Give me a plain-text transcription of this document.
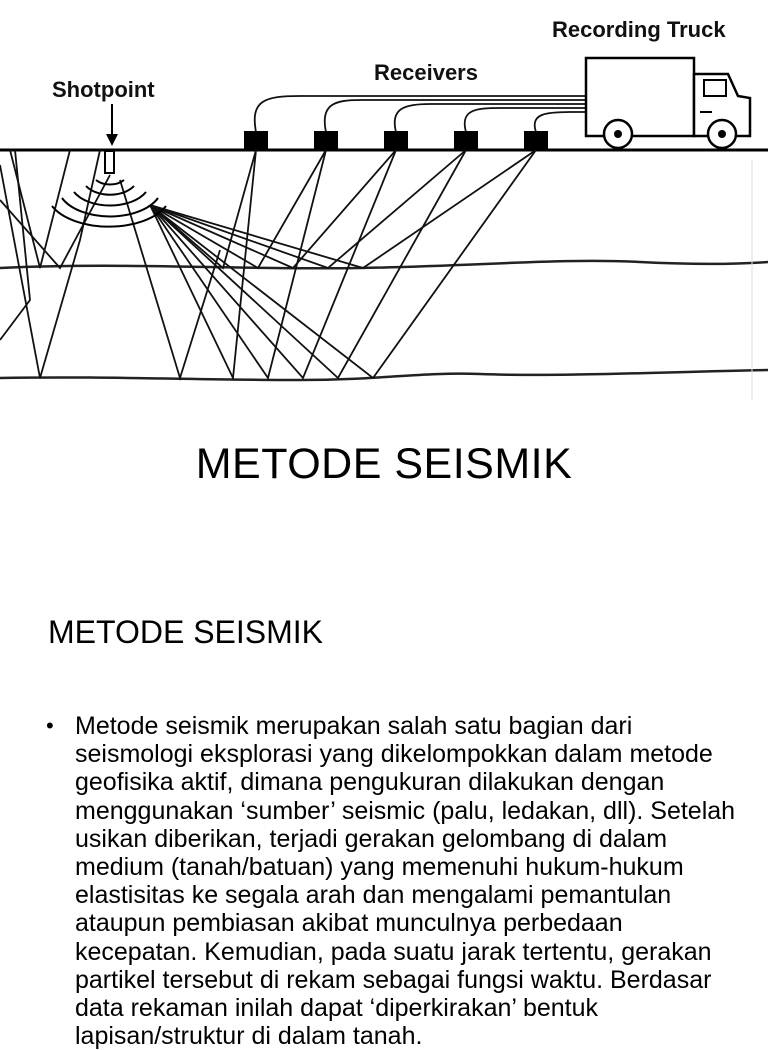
Shotpoint
Receivers
Recording Truck
METODE SEISMIK
METODE SEISMIK
• Metode seismik merupakan salah satu bagian dari seismologi eksplorasi yang dikelompokkan dalam metode geofisika aktif, dimana pengukuran dilakukan dengan menggunakan ‘sumber’ seismic (palu, ledakan, dll). Setelah usikan diberikan, terjadi gerakan gelombang di dalam medium (tanah/batuan) yang memenuhi hukum-hukum elastisitas ke segala arah dan mengalami pemantulan ataupun pembiasan akibat munculnya perbedaan kecepatan. Kemudian, pada suatu jarak tertentu, gerakan partikel tersebut di rekam sebagai fungsi waktu. Berdasar data rekaman inilah dapat ‘diperkirakan’ bentuk lapisan/struktur di dalam tanah.
